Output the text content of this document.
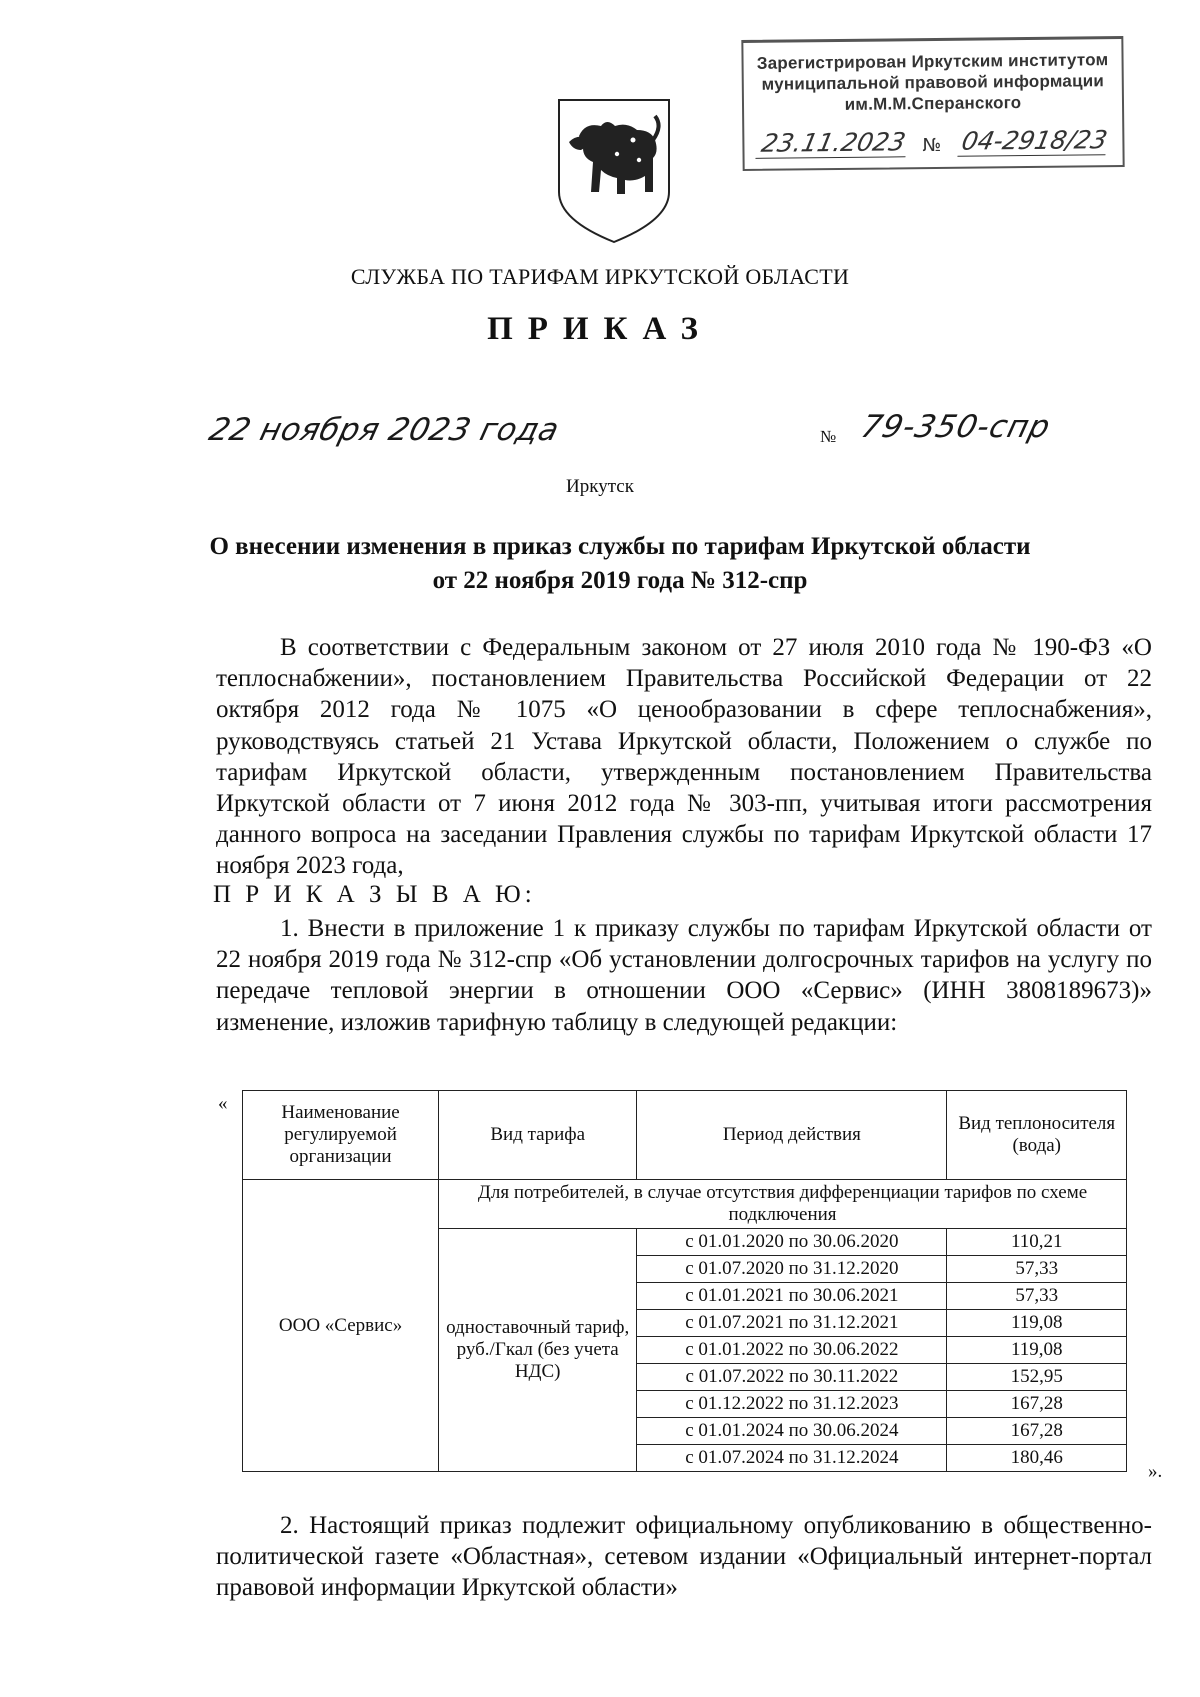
Зарегистрирован Иркутским институтом
муниципальной правовой информации
им.М.М.Сперанского
23.11.2023 № 04-2918/23
СЛУЖБА ПО ТАРИФАМ ИРКУТСКОЙ ОБЛАСТИ
ПРИКАЗ
22 ноября 2023 года	№ 79-350-спр
Иркутск
О внесении изменения в приказ службы по тарифам Иркутской области
от 22 ноября 2019 года № 312-спр
В соответствии с Федеральным законом от 27 июля 2010 года № 190-ФЗ «О теплоснабжении», постановлением Правительства Российской Федерации от 22 октября 2012 года № 1075 «О ценообразовании в сфере теплоснабжения», руководствуясь статьей 21 Устава Иркутской области, Положением о службе по тарифам Иркутской области, утвержденным постановлением Правительства Иркутской области от 7 июня 2012 года № 303-пп, учитывая итоги рассмотрения данного вопроса на заседании Правления службы по тарифам Иркутской области 17 ноября 2023 года,
П Р И К А З Ы В А Ю:
1. Внести в приложение 1 к приказу службы по тарифам Иркутской области от 22 ноября 2019 года № 312-спр «Об установлении долгосрочных тарифов на услугу по передаче тепловой энергии в отношении ООО «Сервис» (ИНН 3808189673)» изменение, изложив тарифную таблицу в следующей редакции:
«	Наименование регулируемой организации	Вид тарифа	Период действия	Вид теплоносителя (вода)
ООО «Сервис»	Для потребителей, в случае отсутствия дифференциации тарифов по схеме подключения		
	одноставочный тариф, руб./Гкал (без учета НДС)	с 01.01.2020 по 30.06.2020	110,21
		с 01.07.2020 по 31.12.2020	57,33
		с 01.01.2021 по 30.06.2021	57,33
		с 01.07.2021 по 31.12.2021	119,08
		с 01.01.2022 по 30.06.2022	119,08
		с 01.07.2022 по 30.11.2022	152,95
		с 01.12.2022 по 31.12.2023	167,28
		с 01.01.2024 по 30.06.2024	167,28
		с 01.07.2024 по 31.12.2024	180,46
».
2. Настоящий приказ подлежит официальному опубликованию в общественно-политической газете «Областная», сетевом издании «Официальный интернет-портал правовой информации Иркутской области»
